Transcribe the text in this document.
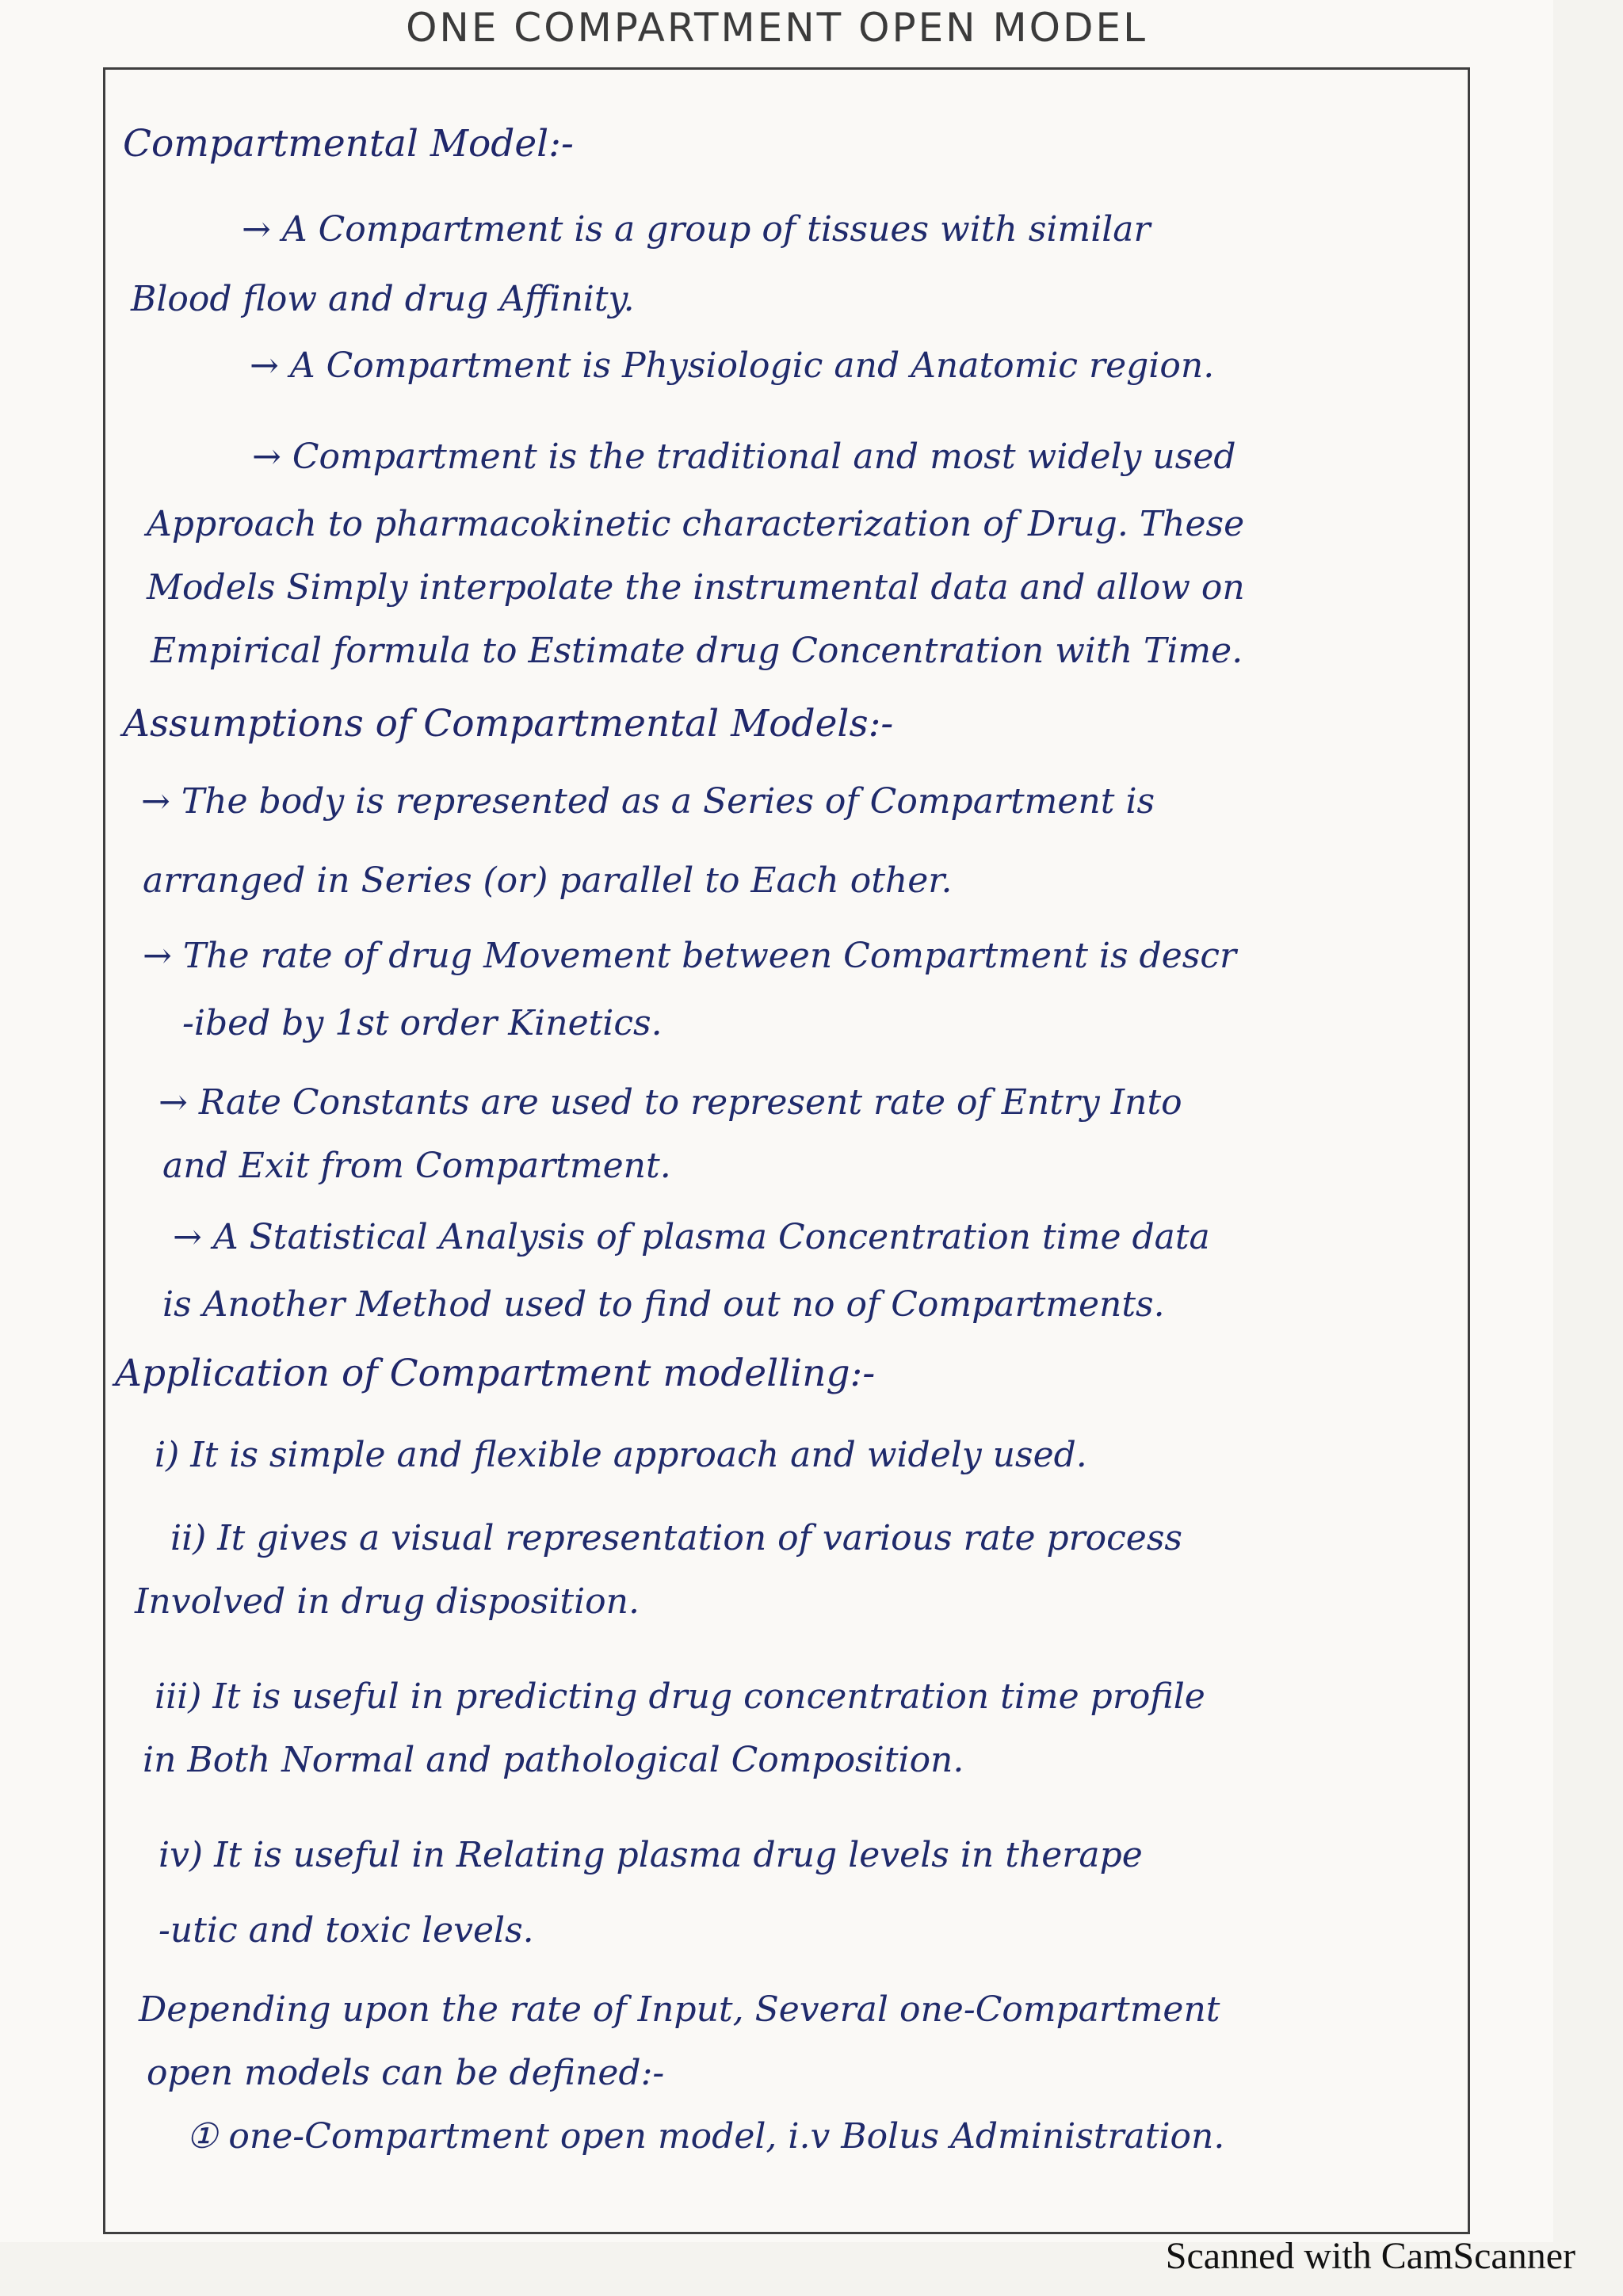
ONE COMPARTMENT OPEN MODEL
Compartmental Model:-
→ A Compartment is a group of tissues with similar
Blood flow and drug Affinity.
→ A Compartment is Physiologic and Anatomic region.
→ Compartment is the traditional and most widely used
Approach to pharmacokinetic characterization of Drug. These
Models Simply interpolate the instrumental data and allow on
Empirical formula to Estimate drug Concentration with Time.
Assumptions of Compartmental Models:-
→ The body is represented as a Series of Compartment is
arranged in Series (or) parallel to Each other.
→ The rate of drug Movement between Compartment is descr
-ibed by 1st order Kinetics.
→ Rate Constants are used to represent rate of Entry Into
and Exit from Compartment.
→ A Statistical Analysis of plasma Concentration time data
is Another Method used to find out no of Compartments.
Application of Compartment modelling:-
i) It is simple and flexible approach and widely used.
ii) It gives a visual representation of various rate process
Involved in drug disposition.
iii) It is useful in predicting drug concentration time profile
in Both Normal and pathological Composition.
iv) It is useful in Relating plasma drug levels in therape
-utic and toxic levels.
Depending upon the rate of Input, Several one-Compartment
open models can be defined:-
① one-Compartment open model, i.v Bolus Administration.
Scanned with CamScanner
